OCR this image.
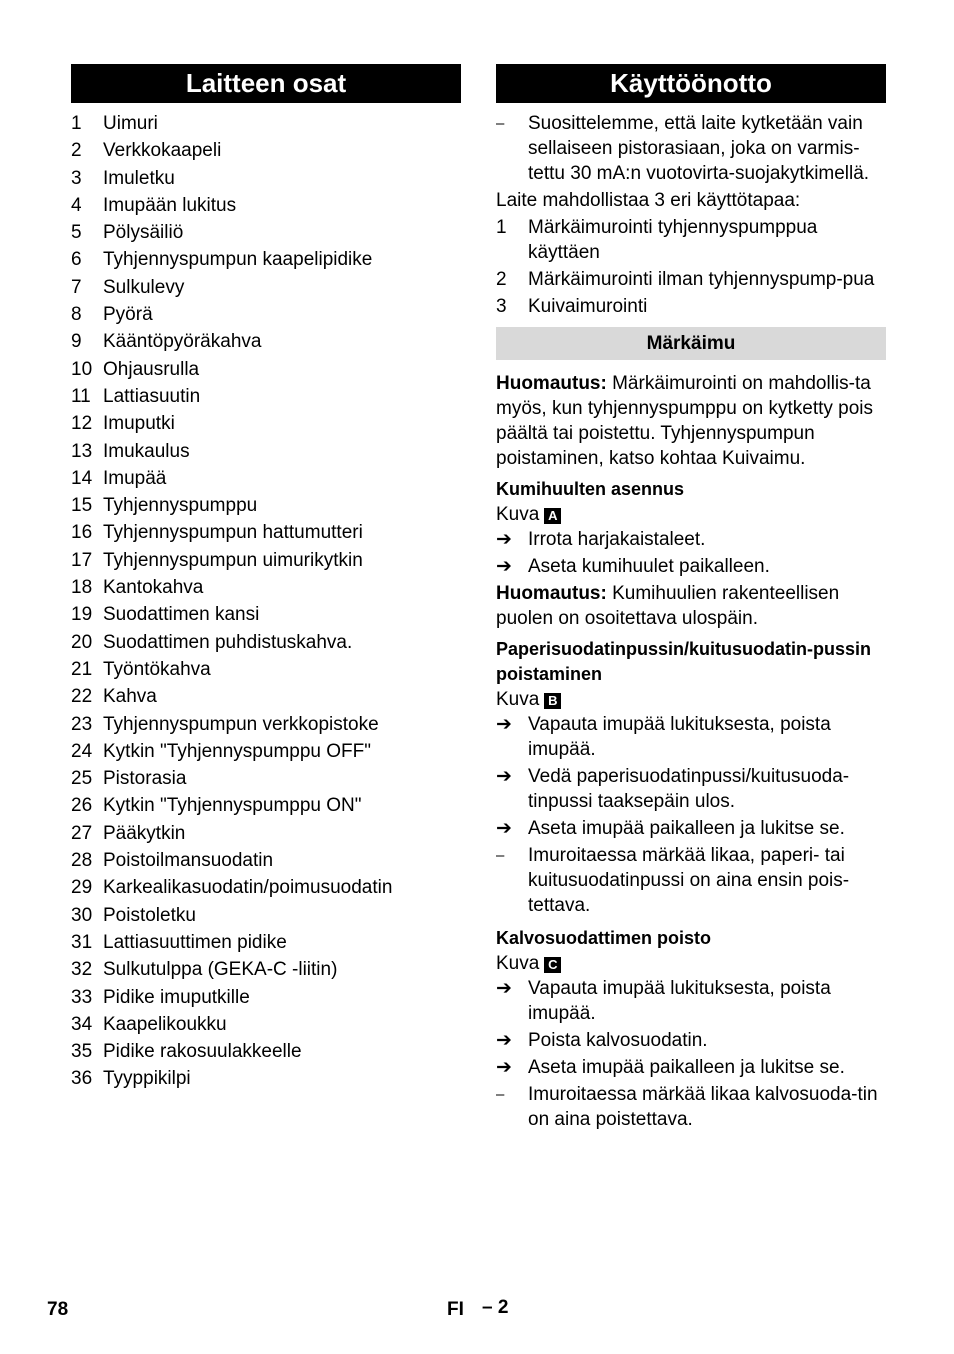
Laitteen osat
1 Uimuri
2 Verkkokaapeli
3 Imuletku
4 Imupään lukitus
5 Pölysäiliö
6 Tyhjennyspumpun kaapelipidike
7 Sulkulevy
8 Pyörä
9 Kääntöpyöräkahva
10 Ohjausrulla
11 Lattiasuutin
12 Imuputki
13 Imukaulus
14 Imupää
15 Tyhjennyspumppu
16 Tyhjennyspumpun hattumutteri
17 Tyhjennyspumpun uimurikytkin
18 Kantokahva
19 Suodattimen kansi
20 Suodattimen puhdistuskahva.
21 Työntökahva
22 Kahva
23 Tyhjennyspumpun verkkopistoke
24 Kytkin "Tyhjennyspumppu OFF"
25 Pistorasia
26 Kytkin "Tyhjennyspumppu ON"
27 Pääkytkin
28 Poistoilmansuodatin
29 Karkealikasuodatin/poimusuodatin
30 Poistoletku
31 Lattiasuuttimen pidike
32 Sulkutulppa (GEKA-C -liitin)
33 Pidike imuputkille
34 Kaapelikoukku
35 Pidike rakosuulakkeelle
36 Tyyppikilpi
Käyttöönotto
– Suosittelemme, että laite kytketään vain sellaiseen pistorasiaan, joka on varmis-tettu 30 mA:n vuotovirta-suojakytkimellä.

Laite mahdollistaa 3 eri käyttötapaa:

1 Märkäimurointi tyhjennyspumppua käyttäen
2 Märkäimurointi ilman tyhjennyspump-pua
3 Kuivaimurointi
Märkäimu

Huomautus: Märkäimurointi on mahdollis-ta myös, kun tyhjennyspumppu on kytketty pois päältä tai poistettu. Tyhjennyspumpun poistaminen, katso kohtaa Kuivaimu.

Kumihuulten asennus

Kuva A

➔ Irrota harjakaistaleet.
➔ Aseta kumihuulet paikalleen.

Huomautus: Kumihuulien rakenteellisen puolen on osoitettava ulospäin.

Paperisuodatinpussin/kuitusuodatin-pussin poistaminen

Kuva B

➔ Vapauta imupää lukituksesta, poista imupää.
➔ Vedä paperisuodatinpussi/kuitusuoda-tinpussi taaksepäin ulos.
➔ Aseta imupää paikalleen ja lukitse se.
– Imuroitaessa märkää likaa, paperi- tai kuitusuodatinpussi on aina ensin pois-tettava.
Kalvosuodattimen poisto

Kuva C

➔ Vapauta imupää lukituksesta, poista imupää.
➔ Poista kalvosuodatin.
➔ Aseta imupää paikalleen ja lukitse se.
– Imuroitaessa märkää likaa kalvosuoda-tin on aina poistettava.
78	FI – 2
